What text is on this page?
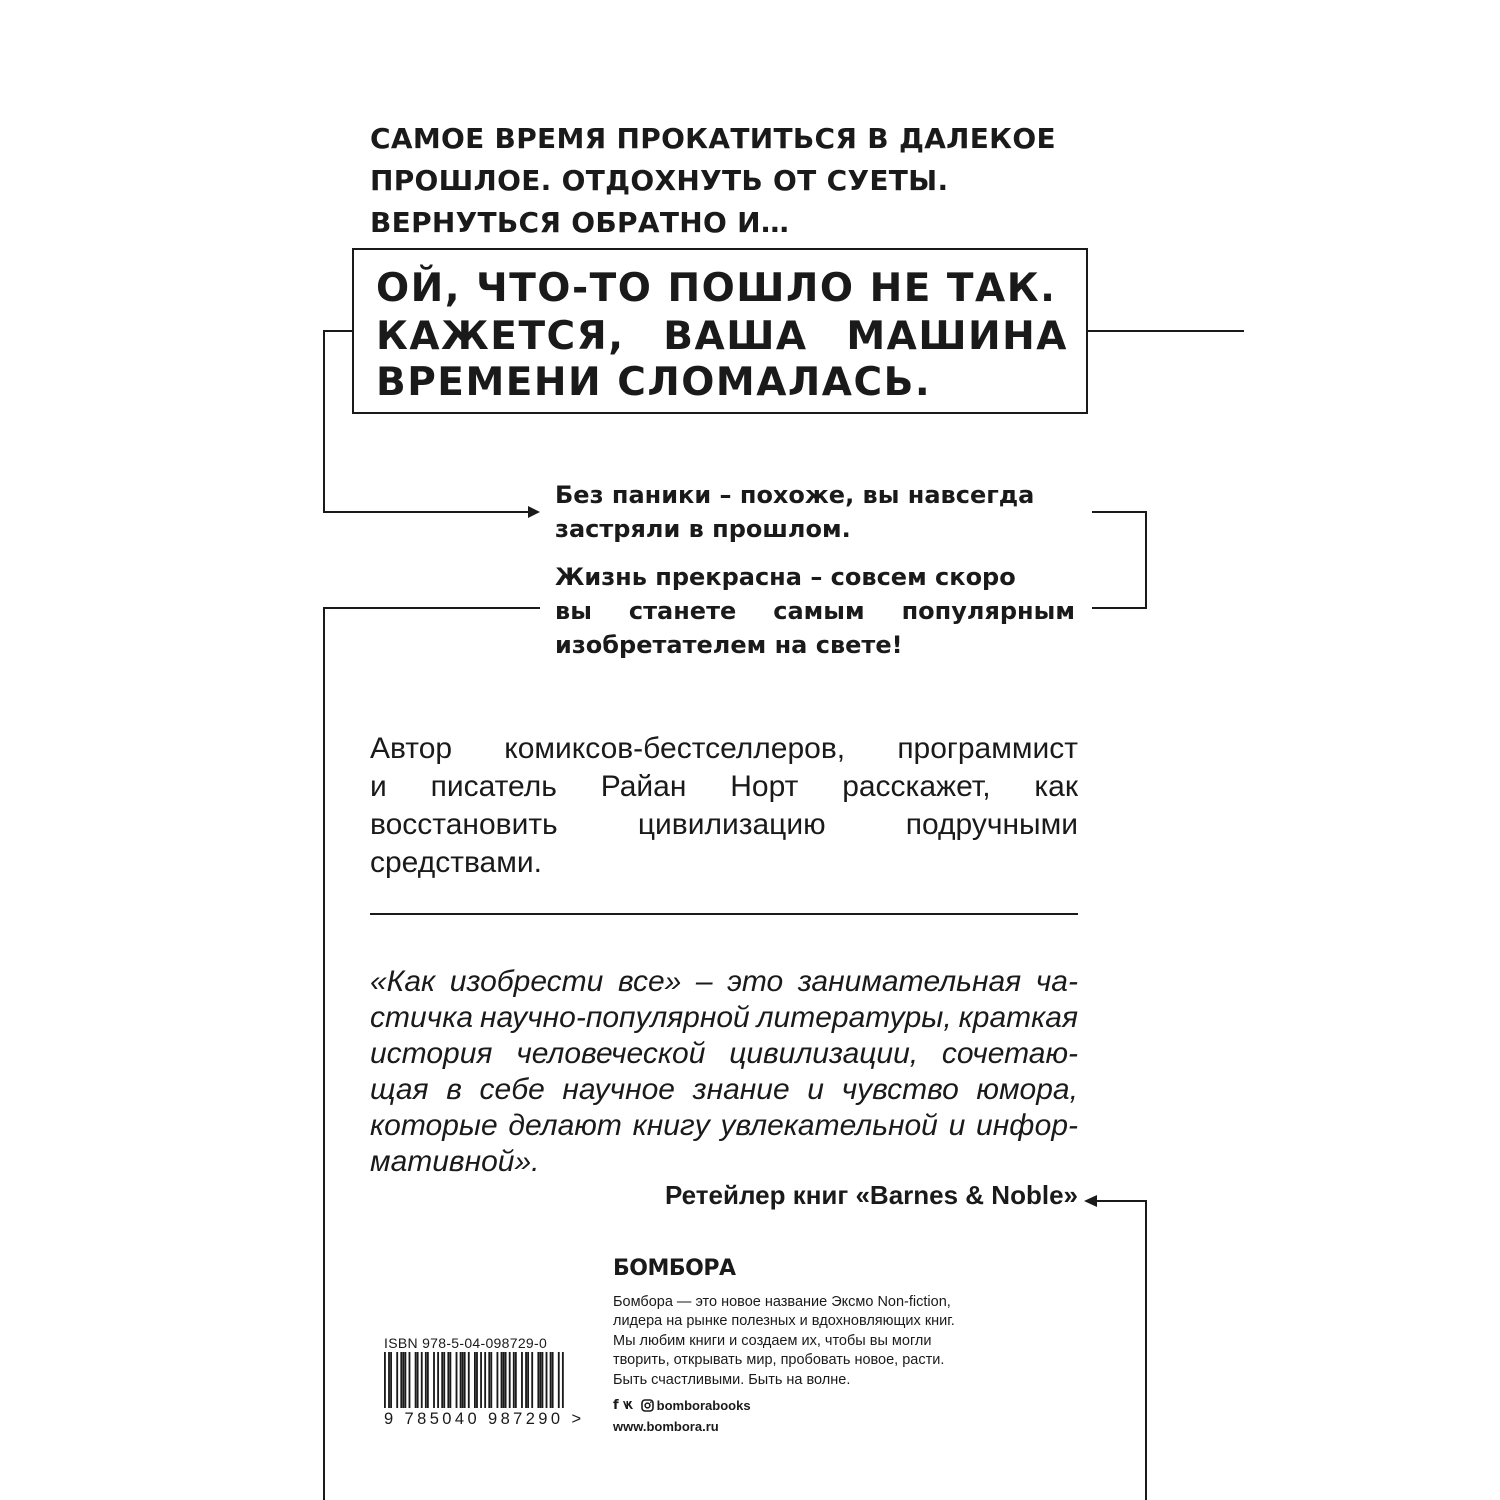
САМОЕ ВРЕМЯ ПРОКАТИТЬСЯ В ДАЛЕКОЕ
ПРОШЛОЕ. ОТДОХНУТЬ ОТ СУЕТЫ.
ВЕРНУТЬСЯ ОБРАТНО И…
ОЙ, ЧТО-ТО ПОШЛО НЕ ТАК.
КАЖЕТСЯ, ВАША МАШИНА
ВРЕМЕНИ СЛОМАЛАСЬ.
Без паники – похоже, вы навсегда
застряли в прошлом.
Жизнь прекрасна – совсем скоро
вы станете самым популярным
изобретателем на свете!
Автор комиксов-бестселлеров, программист
и писатель Райан Норт расскажет, как
восстановить	цивилизацию	подручными
средствами.
«Как изобрести все» – это занимательная ча-
стичка научно-популярной литературы, краткая
история человеческой цивилизации, сочетаю-
щая в себе научное знание и чувство юмора,
которые делают книгу увлекательной и инфор-
мативной».
Ретейлер книг «Barnes & Noble»
БОМБОРА
Бомбора — это новое название Эксмо Non-fiction,
лидера на рынке полезных и вдохновляющих книг.
Мы любим книги и создаем их, чтобы вы могли
творить, открывать мир, пробовать новое, расти.
Быть счастливыми. Быть на волне.
f	bomborabooks
www.bombora.ru
ISBN 978-5-04-098729-0
9 785040 987290 >
